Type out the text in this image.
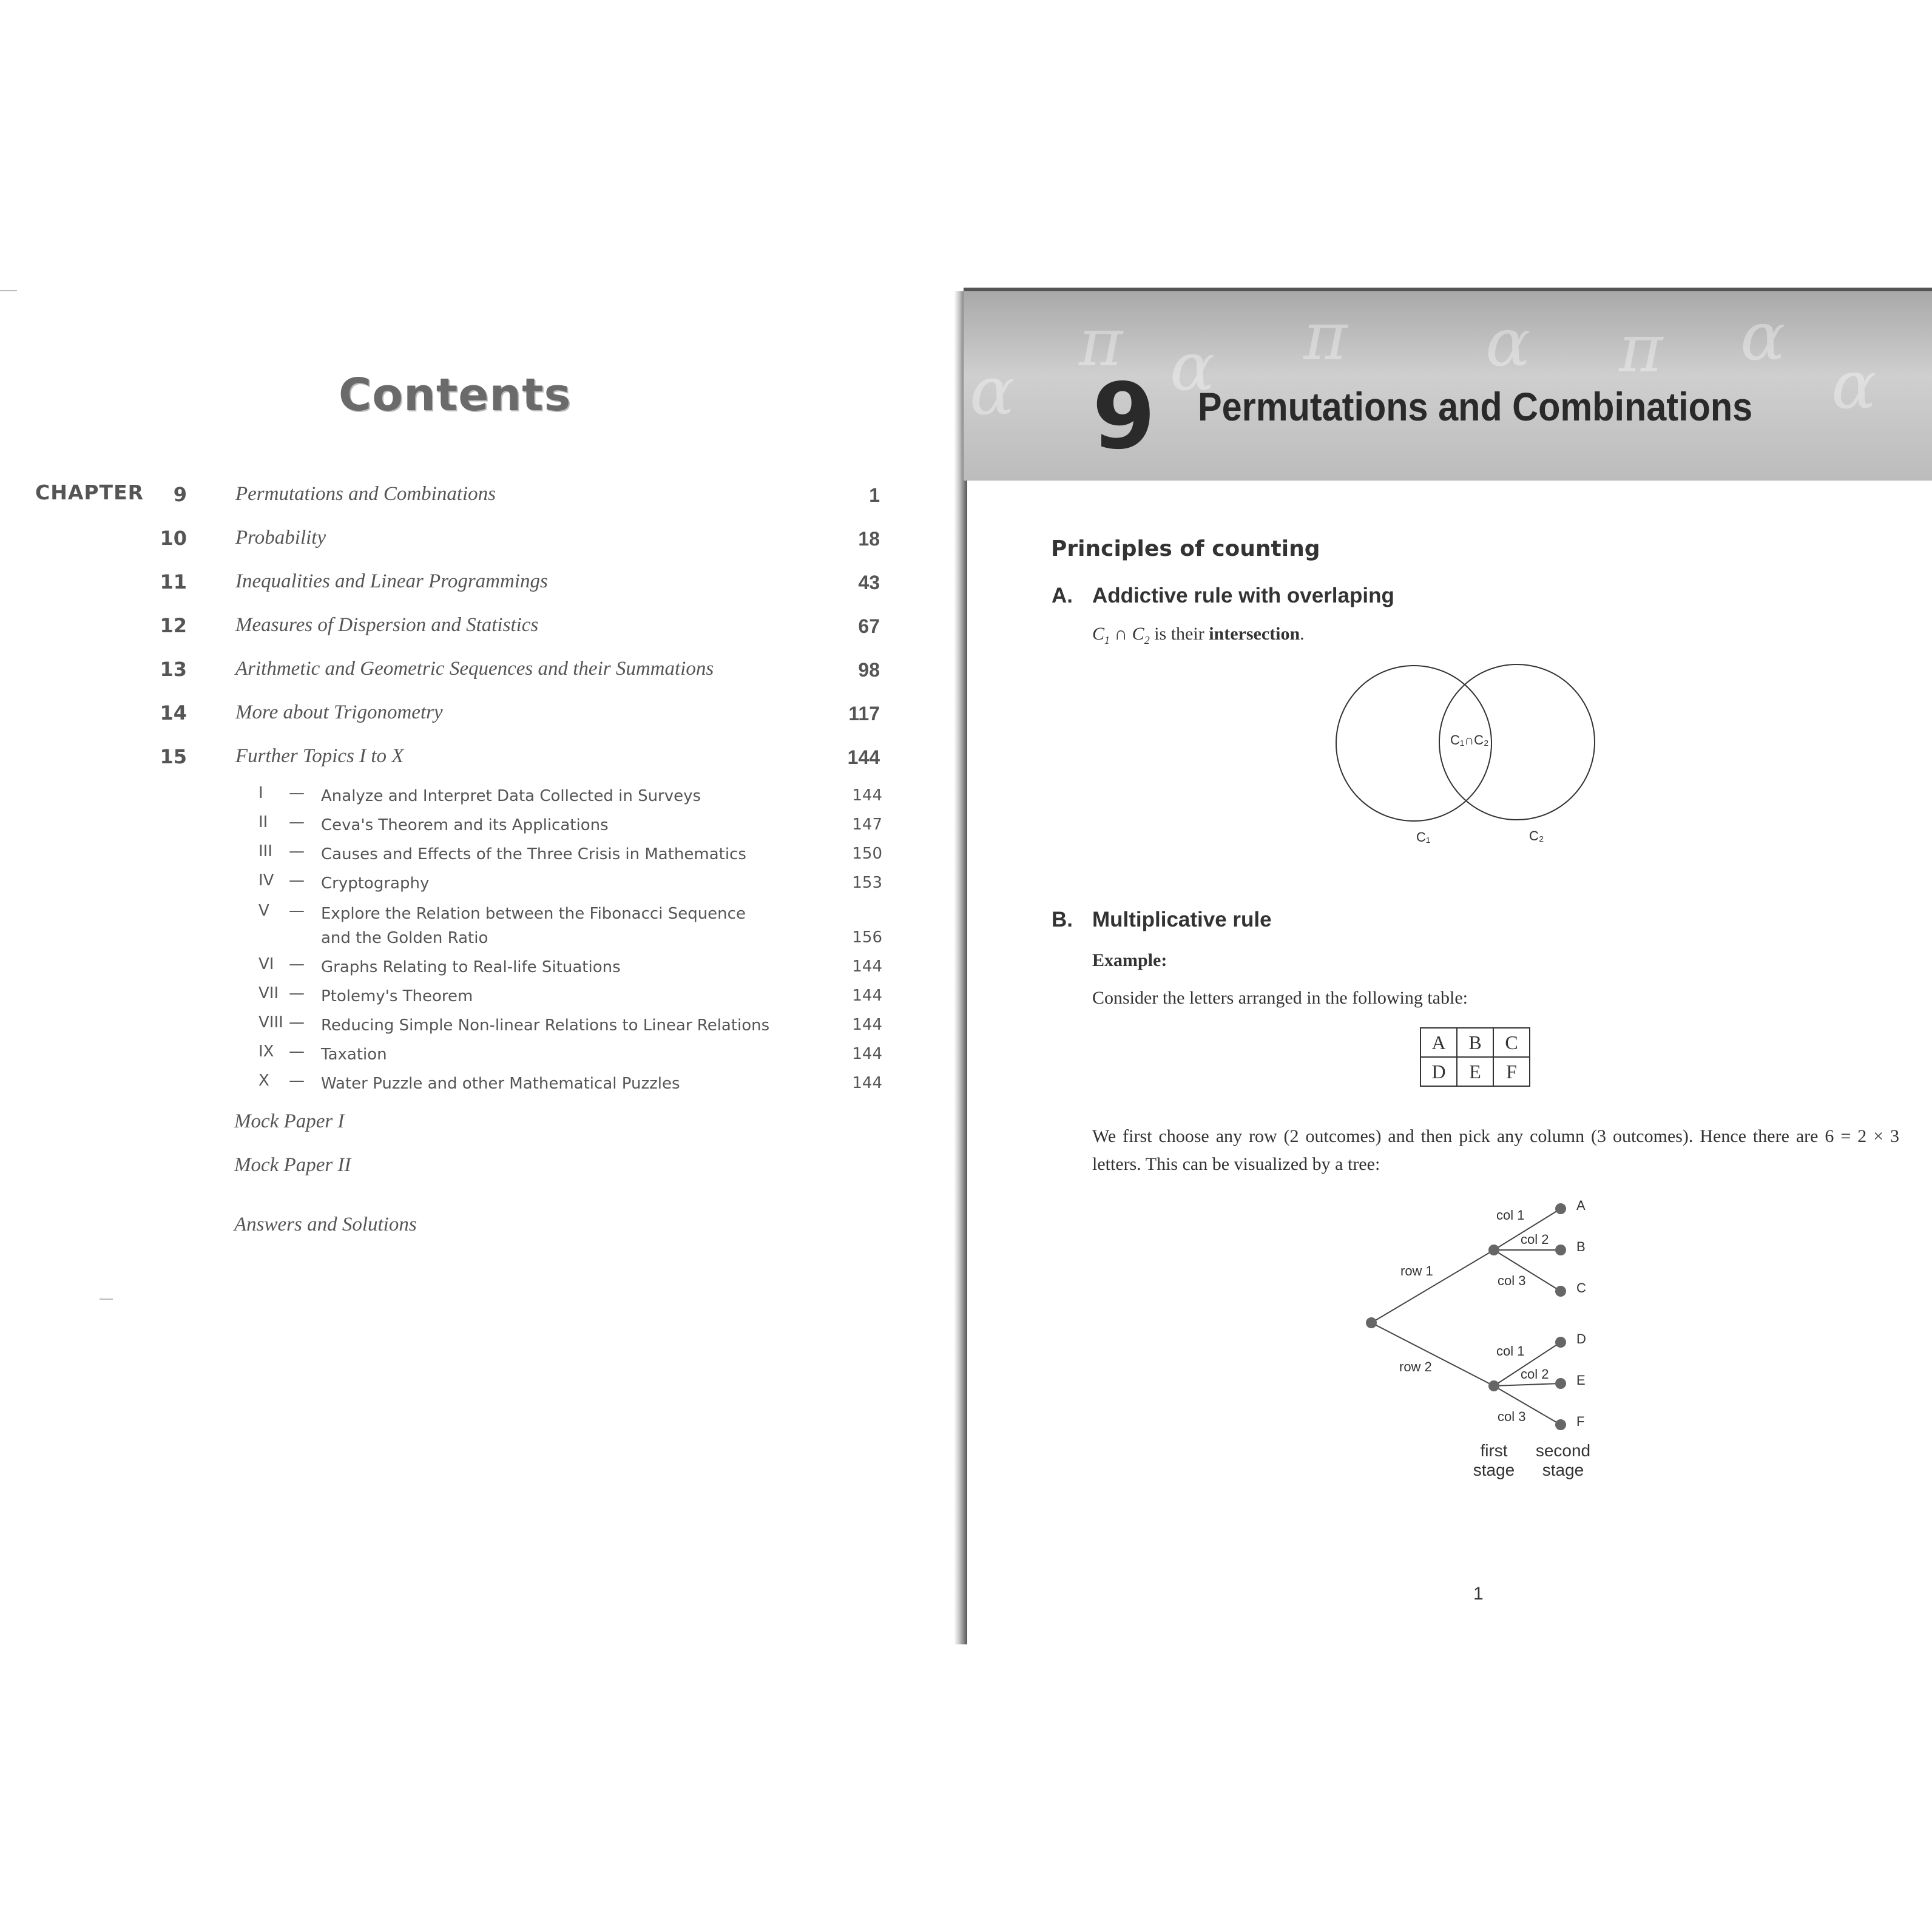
Contents
CHAPTER 9 Permutations and Combinations	1
10 Probability	18
11 Inequalities and Linear Programmings	43
12 Measures of Dispersion and Statistics	67
13 Arithmetic and Geometric Sequences and their Summations	98
14 More about Trigonometry	117
15 Further Topics I to X	144
I — Analyze and Interpret Data Collected in Surveys	144
II — Ceva's Theorem and its Applications	147
III — Causes and Effects of the Three Crisis in Mathematics	150
IV — Cryptography	153
V — Explore the Relation between the Fibonacci Sequence and the Golden Ratio	156
VI — Graphs Relating to Real-life Situations	144
VII — Ptolemy's Theorem	144
VIII — Reducing Simple Non-linear Relations to Linear Relations	144
IX — Taxation	144
X — Water Puzzle and other Mathematical Puzzles	144
Mock Paper I
Mock Paper II
Answers and Solutions
α
π α π α π α
α
9 Permutations and Combinations
Principles of counting
A. Addictive rule with overlaping
$C_1$ ∩ $C_2$ is their intersection.
C₁∩C₂
C₁	C₂
B. Multiplicative rule
Example:
Consider the letters arranged in the following table:
A	B	C
D	E	F
We first choose any row (2 outcomes) and then pick any column (3 outcomes). Hence there are 6 = 2 × 3
letters. This can be visualized by a tree:
row 1
row 2
col 1
col 2
col 3
col 1
col 2
col 3
A
B
C
D
E
F
first
stage
second
stage
1
